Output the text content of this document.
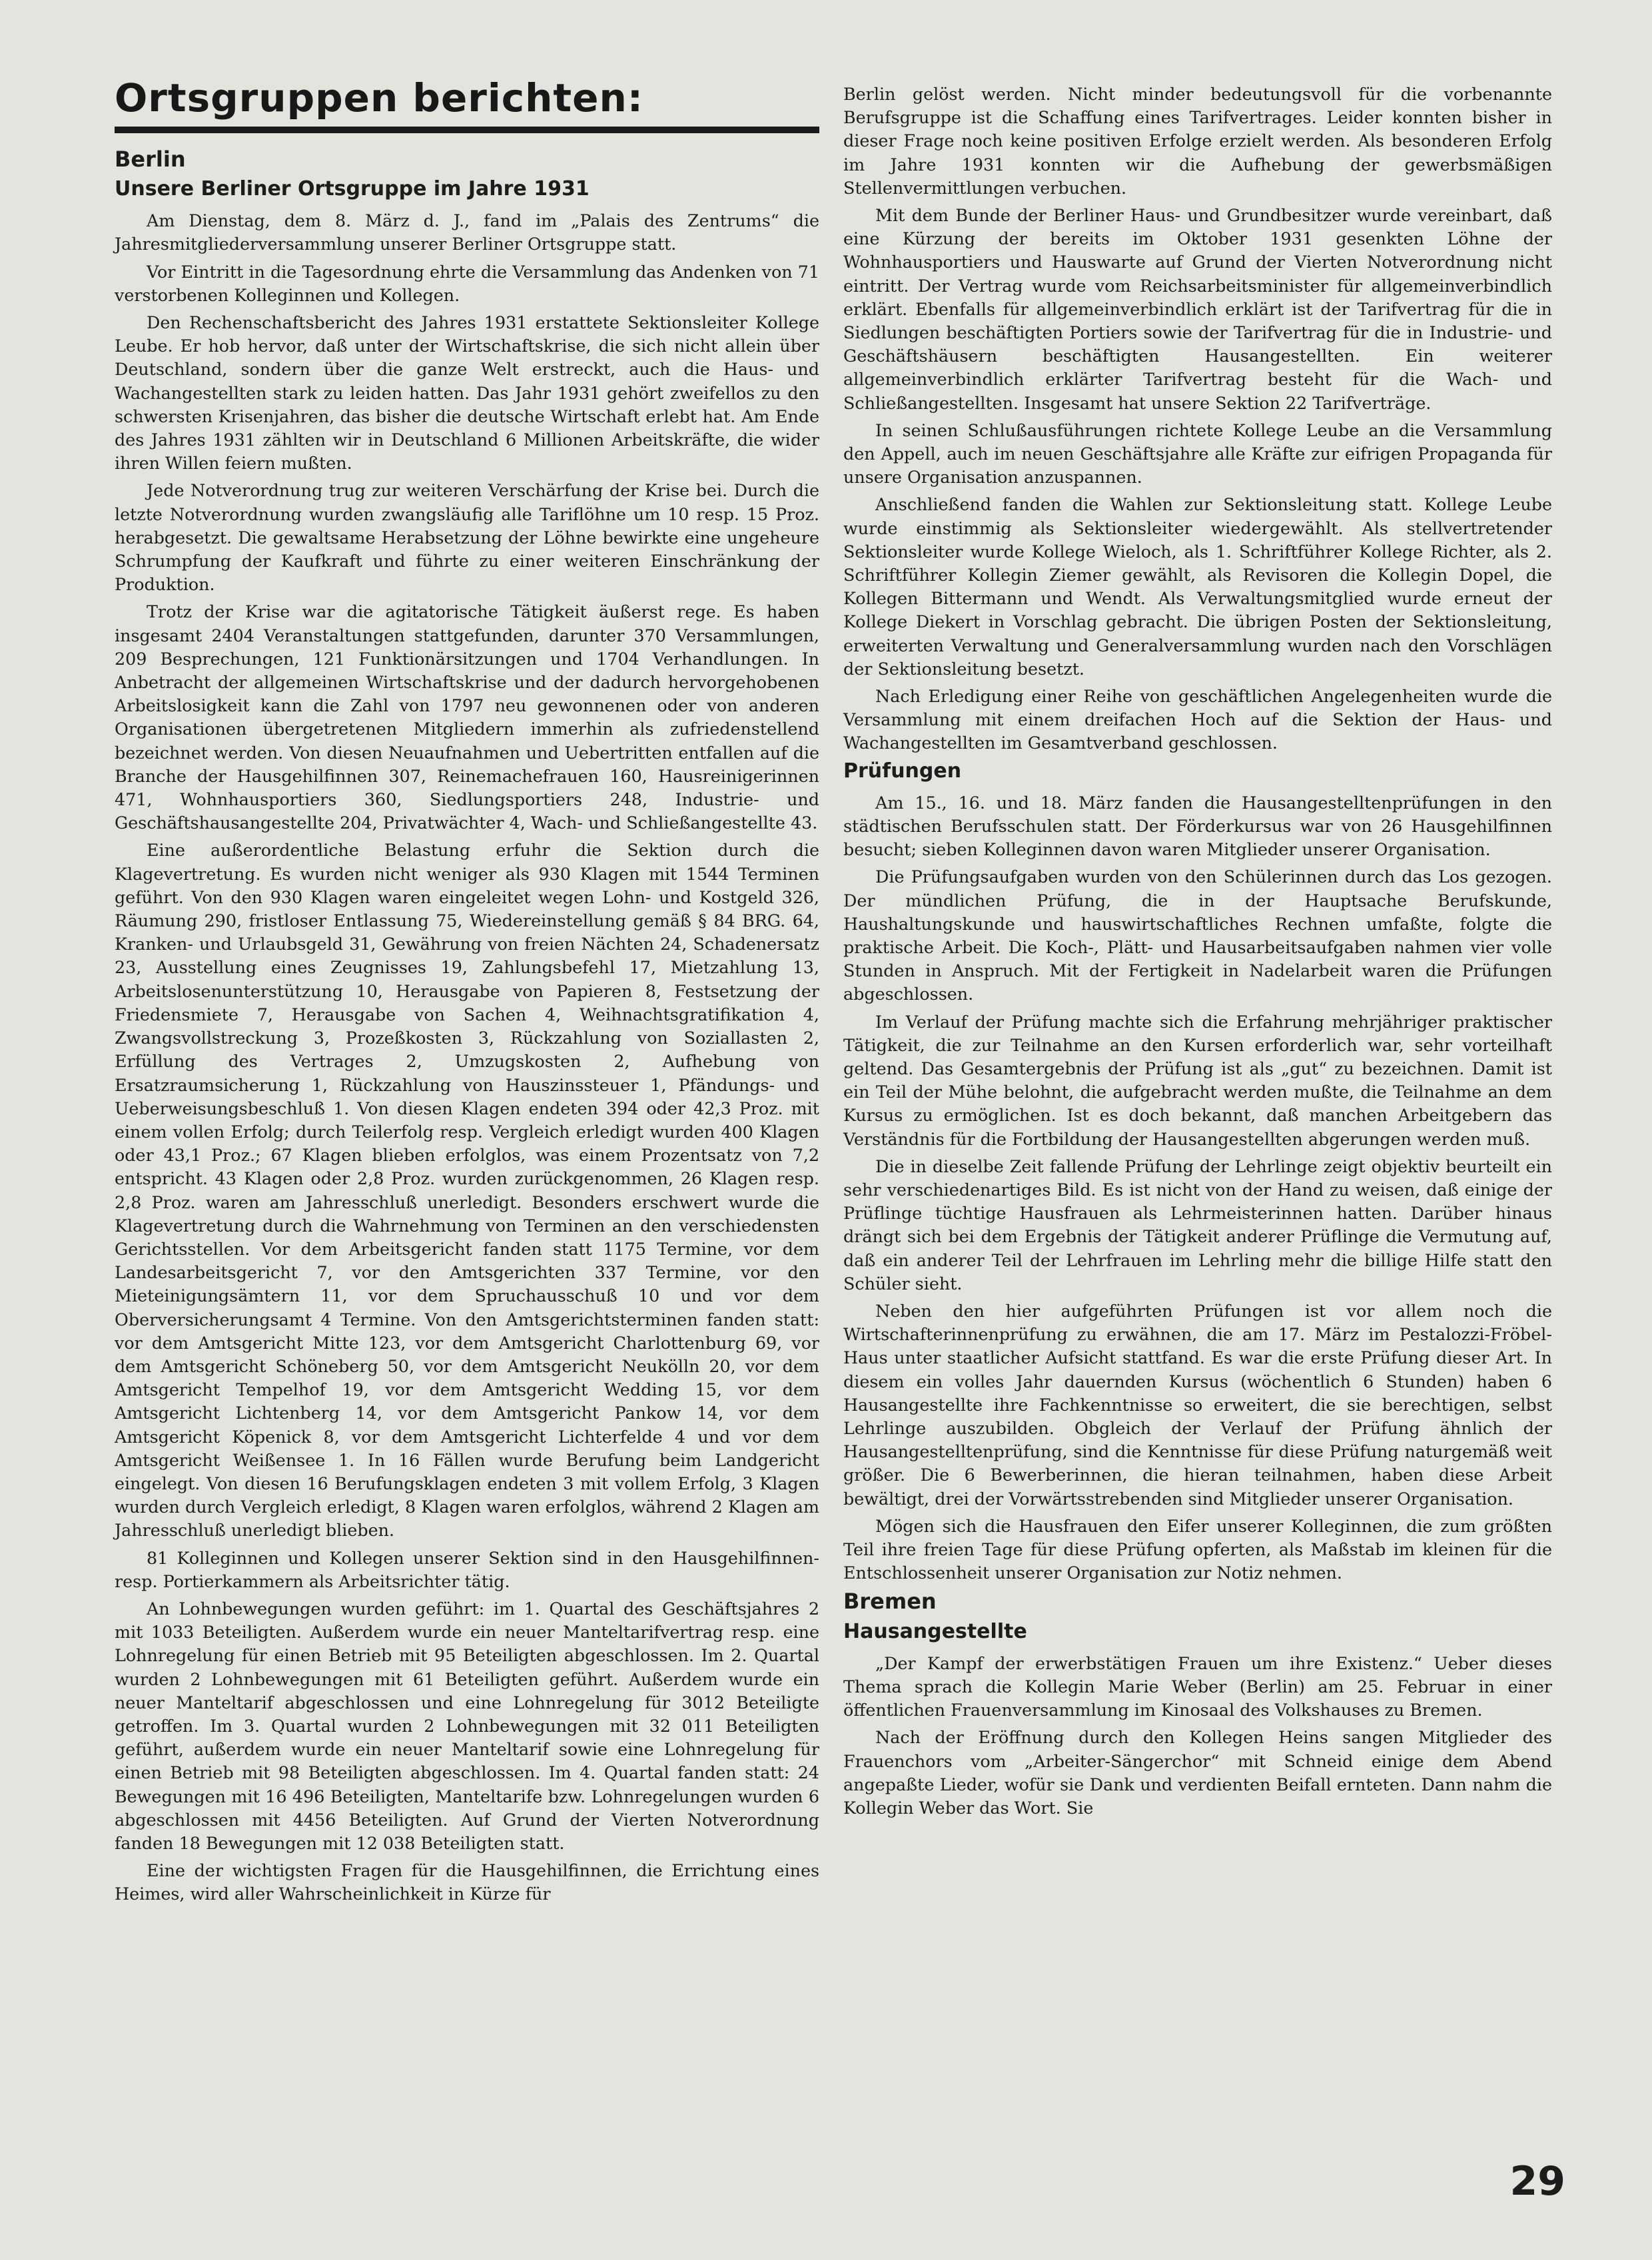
Ortsgruppen berichten:
Berlin
Unsere Berliner Ortsgruppe im Jahre 1931

Am Dienstag, dem 8. März d. J., fand im „Palais des Zentrums“ die Jahresmitgliederversammlung unserer Berliner Ortsgruppe statt.

Vor Eintritt in die Tagesordnung ehrte die Versammlung das Andenken von 71 verstorbenen Kolleginnen und Kollegen.

Den Rechenschaftsbericht des Jahres 1931 erstattete Sektionsleiter Kollege Leube. Er hob hervor, daß unter der Wirtschaftskrise, die sich nicht allein über Deutschland, sondern über die ganze Welt erstreckt, auch die Haus- und Wachangestellten stark zu leiden hatten. Das Jahr 1931 gehört zweifellos zu den schwersten Krisenjahren, das bisher die deutsche Wirtschaft erlebt hat. Am Ende des Jahres 1931 zählten wir in Deutschland 6 Millionen Arbeitskräfte, die wider ihren Willen feiern mußten.

Jede Notverordnung trug zur weiteren Verschärfung der Krise bei. Durch die letzte Notverordnung wurden zwangsläufig alle Tariflöhne um 10 resp. 15 Proz. herabgesetzt. Die gewaltsame Herabsetzung der Löhne bewirkte eine ungeheure Schrumpfung der Kaufkraft und führte zu einer weiteren Einschränkung der Produktion.

Trotz der Krise war die agitatorische Tätigkeit äußerst rege. Es haben insgesamt 2404 Veranstaltungen stattgefunden, darunter 370 Versammlungen, 209 Besprechungen, 121 Funktionärsitzungen und 1704 Verhandlungen. In Anbetracht der allgemeinen Wirtschaftskrise und der dadurch hervorgehobenen Arbeitslosigkeit kann die Zahl von 1797 neu gewonnenen oder von anderen Organisationen übergetretenen Mitgliedern immerhin als zufriedenstellend bezeichnet werden. Von diesen Neuaufnahmen und Uebertritten entfallen auf die Branche der Hausgehilfinnen 307, Reinemachefrauen 160, Hausreinigerinnen 471, Wohnhausportiers 360, Siedlungsportiers 248, Industrie- und Geschäftshausangestellte 204, Privatwächter 4, Wach- und Schließangestellte 43.

Eine außerordentliche Belastung erfuhr die Sektion durch die Klagevertretung. Es wurden nicht weniger als 930 Klagen mit 1544 Terminen geführt. Von den 930 Klagen waren eingeleitet wegen Lohn- und Kostgeld 326, Räumung 290, fristloser Entlassung 75, Wiedereinstellung gemäß § 84 BRG. 64, Kranken- und Urlaubsgeld 31, Gewährung von freien Nächten 24, Schadenersatz 23, Ausstellung eines Zeugnisses 19, Zahlungsbefehl 17, Mietzahlung 13, Arbeitslosenunterstützung 10, Herausgabe von Papieren 8, Festsetzung der Friedensmiete 7, Herausgabe von Sachen 4, Weihnachtsgratifikation 4, Zwangsvollstreckung 3, Prozeßkosten 3, Rückzahlung von Soziallasten 2, Erfüllung des Vertrages 2, Umzugskosten 2, Aufhebung von Ersatzraumsicherung 1, Rückzahlung von Hauszinssteuer 1, Pfändungs- und Ueberweisungsbeschluß 1. Von diesen Klagen endeten 394 oder 42,3 Proz. mit einem vollen Erfolg; durch Teilerfolg resp. Vergleich erledigt wurden 400 Klagen oder 43,1 Proz.; 67 Klagen blieben erfolglos, was einem Prozentsatz von 7,2 entspricht. 43 Klagen oder 2,8 Proz. wurden zurückgenommen, 26 Klagen resp. 2,8 Proz. waren am Jahresschluß unerledigt. Besonders erschwert wurde die Klagevertretung durch die Wahrnehmung von Terminen an den verschiedensten Gerichtsstellen. Vor dem Arbeitsgericht fanden statt 1175 Termine, vor dem Landesarbeitsgericht 7, vor den Amtsgerichten 337 Termine, vor den Mieteinigungsämtern 11, vor dem Spruchausschuß 10 und vor dem Oberversicherungsamt 4 Termine. Von den Amtsgerichtsterminen fanden statt: vor dem Amtsgericht Mitte 123, vor dem Amtsgericht Charlottenburg 69, vor dem Amtsgericht Schöneberg 50, vor dem Amtsgericht Neukölln 20, vor dem Amtsgericht Tempelhof 19, vor dem Amtsgericht Wedding 15, vor dem Amtsgericht Lichtenberg 14, vor dem Amtsgericht Pankow 14, vor dem Amtsgericht Köpenick 8, vor dem Amtsgericht Lichterfelde 4 und vor dem Amtsgericht Weißensee 1. In 16 Fällen wurde Berufung beim Landgericht eingelegt. Von diesen 16 Berufungsklagen endeten 3 mit vollem Erfolg, 3 Klagen wurden durch Vergleich erledigt, 8 Klagen waren erfolglos, während 2 Klagen am Jahresschluß unerledigt blieben.

81 Kolleginnen und Kollegen unserer Sektion sind in den Hausgehilfinnen- resp. Portierkammern als Arbeitsrichter tätig.

An Lohnbewegungen wurden geführt: im 1. Quartal des Geschäftsjahres 2 mit 1033 Beteiligten. Außerdem wurde ein neuer Manteltarifvertrag resp. eine Lohnregelung für einen Betrieb mit 95 Beteiligten abgeschlossen. Im 2. Quartal wurden 2 Lohnbewegungen mit 61 Beteiligten geführt. Außerdem wurde ein neuer Manteltarif abgeschlossen und eine Lohnregelung für 3012 Beteiligte getroffen. Im 3. Quartal wurden 2 Lohnbewegungen mit 32 011 Beteiligten geführt, außerdem wurde ein neuer Manteltarif sowie eine Lohnregelung für einen Betrieb mit 98 Beteiligten abgeschlossen. Im 4. Quartal fanden statt: 24 Bewegungen mit 16 496 Beteiligten, Manteltarife bzw. Lohnregelungen wurden 6 abgeschlossen mit 4456 Beteiligten. Auf Grund der Vierten Notverordnung fanden 18 Bewegungen mit 12 038 Beteiligten statt.

Eine der wichtigsten Fragen für die Hausgehilfinnen, die Errichtung eines Heimes, wird aller Wahrscheinlichkeit in Kürze für

Berlin gelöst werden. Nicht minder bedeutungsvoll für die vorbenannte Berufsgruppe ist die Schaffung eines Tarifvertrages. Leider konnten bisher in dieser Frage noch keine positiven Erfolge erzielt werden. Als besonderen Erfolg im Jahre 1931 konnten wir die Aufhebung der gewerbsmäßigen Stellenvermittlungen verbuchen.

Mit dem Bunde der Berliner Haus- und Grundbesitzer wurde vereinbart, daß eine Kürzung der bereits im Oktober 1931 gesenkten Löhne der Wohnhausportiers und Hauswarte auf Grund der Vierten Notverordnung nicht eintritt. Der Vertrag wurde vom Reichsarbeitsminister für allgemeinverbindlich erklärt. Ebenfalls für allgemeinverbindlich erklärt ist der Tarifvertrag für die in Siedlungen beschäftigten Portiers sowie der Tarifvertrag für die in Industrie- und Geschäftshäusern beschäftigten Hausangestellten. Ein weiterer allgemeinverbindlich erklärter Tarifvertrag besteht für die Wach- und Schließangestellten. Insgesamt hat unsere Sektion 22 Tarifverträge.

In seinen Schlußausführungen richtete Kollege Leube an die Versammlung den Appell, auch im neuen Geschäftsjahre alle Kräfte zur eifrigen Propaganda für unsere Organisation anzuspannen.

Anschließend fanden die Wahlen zur Sektionsleitung statt. Kollege Leube wurde einstimmig als Sektionsleiter wiedergewählt. Als stellvertretender Sektionsleiter wurde Kollege Wieloch, als 1. Schriftführer Kollege Richter, als 2. Schriftführer Kollegin Ziemer gewählt, als Revisoren die Kollegin Dopel, die Kollegen Bittermann und Wendt. Als Verwaltungsmitglied wurde erneut der Kollege Diekert in Vorschlag gebracht. Die übrigen Posten der Sektionsleitung, erweiterten Verwaltung und Generalversammlung wurden nach den Vorschlägen der Sektionsleitung besetzt.

Nach Erledigung einer Reihe von geschäftlichen Angelegenheiten wurde die Versammlung mit einem dreifachen Hoch auf die Sektion der Haus- und Wachangestellten im Gesamtverband geschlossen.

Prüfungen

Am 15., 16. und 18. März fanden die Hausangestelltenprüfungen in den städtischen Berufsschulen statt. Der Förderkursus war von 26 Hausgehilfinnen besucht; sieben Kolleginnen davon waren Mitglieder unserer Organisation.

Die Prüfungsaufgaben wurden von den Schülerinnen durch das Los gezogen. Der mündlichen Prüfung, die in der Hauptsache Berufskunde, Haushaltungskunde und hauswirtschaftliches Rechnen umfaßte, folgte die praktische Arbeit. Die Koch-, Plätt- und Hausarbeitsaufgaben nahmen vier volle Stunden in Anspruch. Mit der Fertigkeit in Nadelarbeit waren die Prüfungen abgeschlossen.

Im Verlauf der Prüfung machte sich die Erfahrung mehrjähriger praktischer Tätigkeit, die zur Teilnahme an den Kursen erforderlich war, sehr vorteilhaft geltend. Das Gesamtergebnis der Prüfung ist als „gut“ zu bezeichnen. Damit ist ein Teil der Mühe belohnt, die aufgebracht werden mußte, die Teilnahme an dem Kursus zu ermöglichen. Ist es doch bekannt, daß manchen Arbeitgebern das Verständnis für die Fortbildung der Hausangestellten abgerungen werden muß.

Die in dieselbe Zeit fallende Prüfung der Lehrlinge zeigt objektiv beurteilt ein sehr verschiedenartiges Bild. Es ist nicht von der Hand zu weisen, daß einige der Prüflinge tüchtige Hausfrauen als Lehrmeisterinnen hatten. Darüber hinaus drängt sich bei dem Ergebnis der Tätigkeit anderer Prüflinge die Vermutung auf, daß ein anderer Teil der Lehrfrauen im Lehrling mehr die billige Hilfe statt den Schüler sieht.

Neben den hier aufgeführten Prüfungen ist vor allem noch die Wirtschafterinnenprüfung zu erwähnen, die am 17. März im Pestalozzi-Fröbel-Haus unter staatlicher Aufsicht stattfand. Es war die erste Prüfung dieser Art. In diesem ein volles Jahr dauernden Kursus (wöchentlich 6 Stunden) haben 6 Hausangestellte ihre Fachkenntnisse so erweitert, die sie berechtigen, selbst Lehrlinge auszubilden. Obgleich der Verlauf der Prüfung ähnlich der Hausangestelltenprüfung, sind die Kenntnisse für diese Prüfung naturgemäß weit größer. Die 6 Bewerberinnen, die hieran teilnahmen, haben diese Arbeit bewältigt, drei der Vorwärtsstrebenden sind Mitglieder unserer Organisation.

Mögen sich die Hausfrauen den Eifer unserer Kolleginnen, die zum größten Teil ihre freien Tage für diese Prüfung opferten, als Maßstab im kleinen für die Entschlossenheit unserer Organisation zur Notiz nehmen.

Bremen
Hausangestellte

„Der Kampf der erwerbstätigen Frauen um ihre Existenz.“ Ueber dieses Thema sprach die Kollegin Marie Weber (Berlin) am 25. Februar in einer öffentlichen Frauenversammlung im Kinosaal des Volkshauses zu Bremen.

Nach der Eröffnung durch den Kollegen Heins sangen Mitglieder des Frauenchors vom „Arbeiter-Sängerchor“ mit Schneid einige dem Abend angepaßte Lieder, wofür sie Dank und verdienten Beifall ernteten. Dann nahm die Kollegin Weber das Wort. Sie

29
